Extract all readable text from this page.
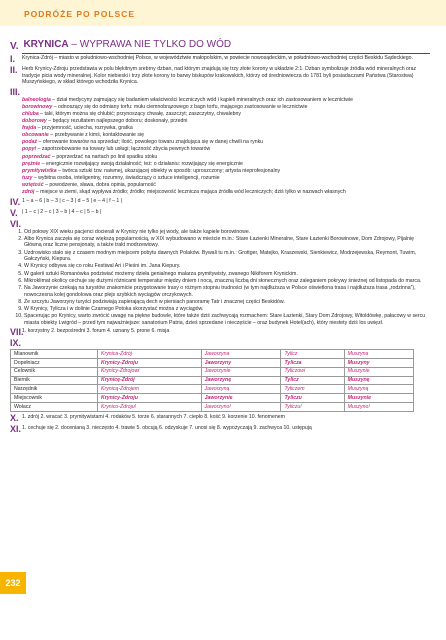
PODRÓŻE PO POLSCE
V. KRYNICA – WYPRAWA NIE TYLKO DO WÓD
I. Krynica-Zdrój – miasto w południowo-wschodniej Polsce, w województwie małopolskim, w powiecie nowosądeckim, w południowo-wschodniej części Beskidu Sądeckiego.
II. Herb Krynicy-Zdroju przedstawia w polu błękitnym srebrny dzban, nad którym znajdują się trzy złote korony w układzie 2:1. Dzban symbolizuje źródła wód mineralnych oraz tradycje picia wody mineralnej. Kolor niebieski i trzy złote korony to barwy biskupów krakowskich, którzy od średniowiecza do 1781 byli posiadaczami Państwa (Starostwa) Muszyńskiego, w skład którego wchodziła Krynica.
III.
balneologia – dział medycyny zajmujący się badaniem właściwości leczniczych wód i kąpieli mineralnych oraz ich zastosowaniem w lecznictwie
borowinowy – odnoszący się do odmiany torfu: mułu ciemnobrązowego z bagn torfu, mającego zastosowanie w lecznictwie
chluba – taki, którym można się chlubić; przynoszący chwałę, zaszczyt; zaszczytny, chwalebny
doborowy – będący rezultatem najlepszego doboru; doskonały, przedni
frajda – przyjemność, uciecha, rozrywka, gratka
obcowanie – przebywanie z kimś, kontaktowanie się
podaż – oferowanie towarów na sprzedaż; ilość, powołego towaru znajdująca się w danej chwili na rynku
popyt – zapotrzebowanie na towary lub usługi; łączność zbycia pewnych towarów
poprzedzać – poprzedzać na nartach po linii spadku stoku
prężnie – energicznie rozwijający swoją działalność; też: o działaniu: rozwijający się energicznie
prymitywistka – twórca sztuki tzw. naiwnej, ukazującej obiekty w sposób: uproszczony; artysta nieprofesjonalny
tuzy – wybitna osoba, inteligentny, rozumny, świadczący o sztuce inteligencji, rozumie
wziętość – powodzenie, sława, dobra opinia, popularność
zdrój – miejsce w ziemi, skąd wypływa źródło; źródło; miejscowość lecznicza mająca źródła wód leczniczych; dziś tylko w nazwach własnych
IV. 1 – a – 6 | b – 3 | c – 3 | d – 5 | e – 4 | f – 1 |
V. | 1 – c | 2 – c | 3 – b | 4 – c | 5 – b |
VI.
1. Od połowy XIX wieku pacjenci docierali w Krynicy nie tylko jej wody, ale także kąpiele borowinowe.
2. Albo Krynica zaczęła się coraz większą popularnością, w XIX wybudowano w mieście m.in.: Stare Łazienki Mineralne, Stare Łazienki Borowinowe, Dom Zdrojowy, Pijalnię Główną oraz liczne pensjonaty, a także trakt modrzewiowy.
3. Uzdrowisko stało się z czasem modnym miejscem pobytu dawnych Polaków. Bywali tu m.in.: Grottger, Matejko, Kraszewski, Sienkiewicz, Modrzejewska, Reymont, Tuwim, Gałczyński, Kiepura.
4. W Krynicy odbywa się co roku Festiwal Ari i Pieśni im. Jana Kiepury.
5. W galerii sztuki Romanówka podziwiać możemy dzieła genialnego malarza prymitywisty, zwanego Nikiforem Krynickim.
6. Mikroklimat okolicy cechuje się dużymi różnicami temperatur między dniem i nocą, znaczną liczbą dni słonecznych oraz zaleganiem pokrywy śnieżnej od listopada do marca.
7. Na Jaworzynie czekają na turystów znakomicie przygotowane trasy o różnym stopniu trudności (w tym najdłuższa w Polsce oświetlona trasa i najdłuższa trasa „rodzinna”), nowoczesna kolej gondolowa oraz plejs szybkich wyciągów orczykowych.
8. Że szczytu Jaworzyny turyści podziwiają zapierającą dech w piersiach panoramę Tatr i znacznej części Beskidów.
9. W Krynicy, Tylicza i w dolinie Czarnego Potoka skorzystać można z wyciągów.
10. Spacerując po Krynicy, warto zwrócić uwagę na piękne budowle, które także dziś zachwycają rozmachem: Stare Łazienki, Stary Dom Zdrojowy, Witoldówkę, pałacowy w sercu miasta obiekty Lwigród – przed tym najważniejsze: sanatorium Patria, dzieś sprzedane i nieczęście – oraz budynek Hotel(ach), który niestety dziś los uwięzł.
VII.1. korzystny 2. bezpośredni 3. forum 4. uznany 5. prone 6. misja
IX.
Mianownik	Krynica-Zdrój	Jaworzyna	Tylicz	Muszyna
Dopełniacz	Krynicy-Zdroju	Jaworzyny	Tylicza	Muszyny
Celownik	Krynicy-Zdrojowi	Jaworzynie	Tyliczowi	Muszynie
Biernik	Krynicę-Zdrój	Jaworzynę	Tylicz	Muszynę
Narzędnik	Krynicą-Zdrojem	Jaworzyną	Tyliczem	Muszyną
Miejscownik	Krynicy-Zdroju	Jaworzynie	Tyliczu	Muszynie
Wołacz	Krynico-Zdroju!	Jaworzyno!	Tyliczu!	Muszyno!
X. 1. zdrój 2. wracać 3. prymitywistami 4. rodaków 5. torze 6. starannych 7. ciepło 8. kość 9. korzenie 10. fenomenem
XI.1. cechuje się 2. docenianą 3. nieczęsto 4. trawie 5. obcują 6. odzyskuje 7. unosi się 8. wypożyczają 9. zachwyca 10. ustępują
232
